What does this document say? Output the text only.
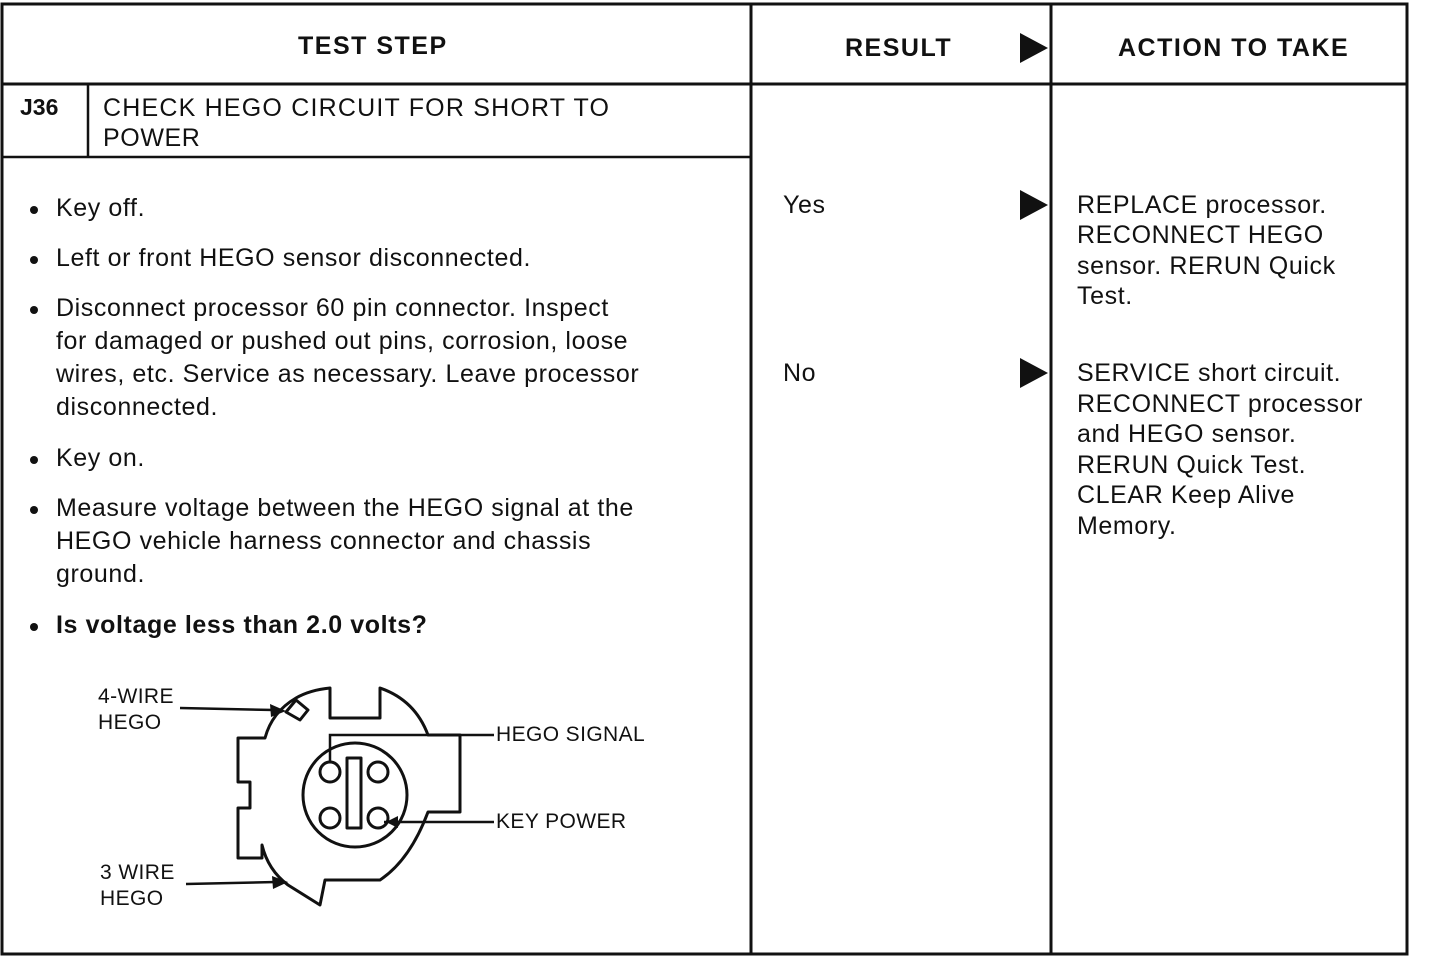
TEST STEP	RESULT	ACTION TO TAKE
J36 CHECK HEGO CIRCUIT FOR SHORT TO
POWER
Key off.
Left or front HEGO sensor disconnected.
Disconnect processor 60 pin connector. Inspect
for damaged or pushed out pins, corrosion, loose
wires, etc. Service as necessary. Leave processor
disconnected.
Key on.
Measure voltage between the HEGO signal at the
HEGO vehicle harness connector and chassis
ground.
Is voltage less than 2.0 volts?
4-WIRE
HEGO
HEGO SIGNAL
KEY POWER
3 WIRE
HEGO
Yes
No
REPLACE processor.
RECONNECT HEGO
sensor. RERUN Quick
Test.
SERVICE short circuit.
RECONNECT processor
and HEGO sensor.
RERUN Quick Test.
CLEAR Keep Alive
Memory.
